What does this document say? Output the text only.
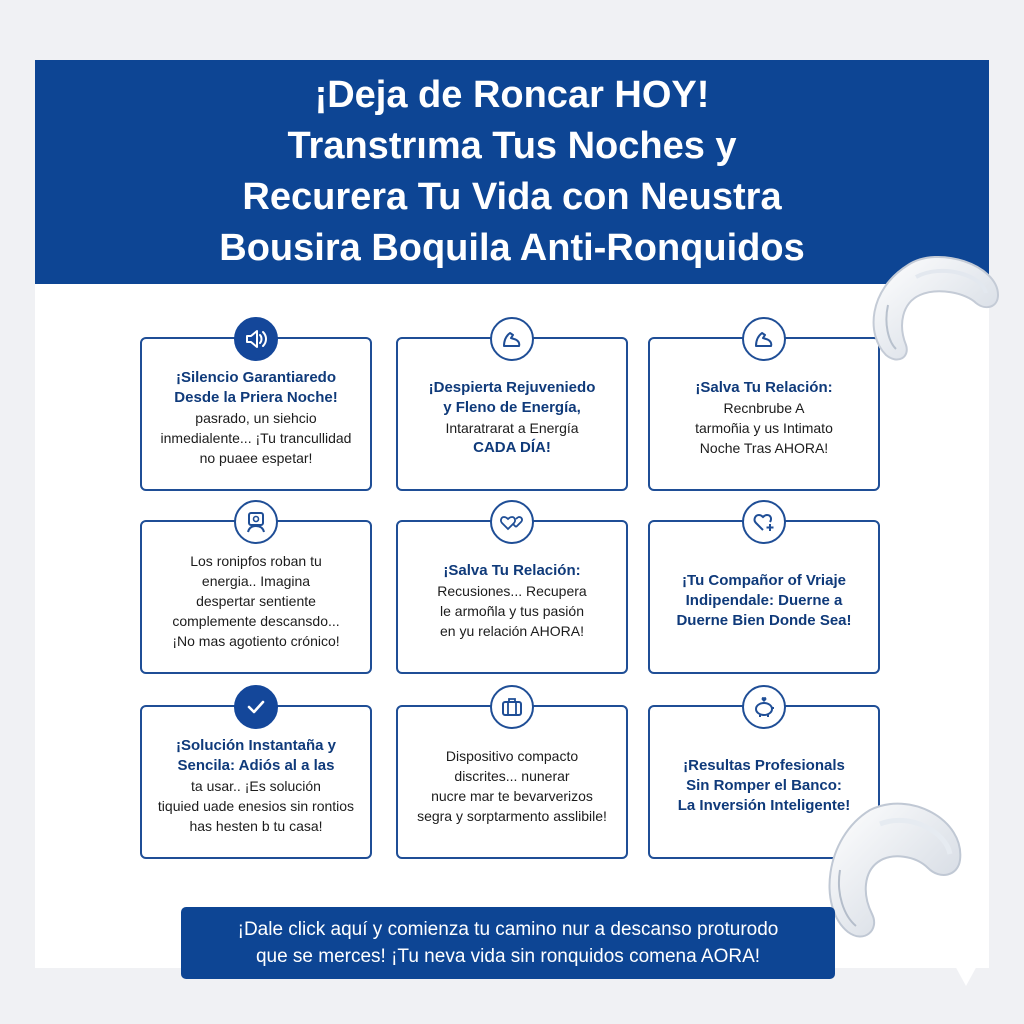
¡Deja de Roncar HOY!
Transtrıma Tus Noches y
Recurera Tu Vida con Neustra
Bousira Boquila Anti-Ronquidos
¡Silencio Garantiaredo
Desde la Priera Noche!
pasrado, un siehcio
inmedialente... ¡Tu trancullidad
no puaee espetar!
¡Despierta Rejuveniedo
y Fleno de Energía,
Intaratrarat a Energía
CADA DÍA!
¡Salva Tu Relación:
Recnbrube A
tarmoñia y us Intimato
Noche Tras AHORA!
Los ronipfos roban tu
energia.. Imagina
despertar sentiente
complemente descansdo...
¡No mas agotiento crónico!
¡Salva Tu Relación:
Recusiones... Recupera
le armoñla y tus pasión
en yu relación AHORA!
¡Tu Compañor of Vriaje
Indipendale: Duerne a
Duerne Bien Donde Sea!
¡Solución Instantaña y
Sencila: Adiós al a las
ta usar.. ¡Es solución
tiquied uade enesios sin rontios
has hesten b tu casa!
Dispositivo compacto
discrites... nunerar
nucre mar te bevarverizos
segra y sorptarmento asslibile!
¡Resultas Profesionals
Sin Romper el Banco:
La Inversión Inteligente!
¡Dale click aquí y comienza tu camino nur a descanso proturodo
que se merces! ¡Tu neva vida sin ronquidos comena AORA!
